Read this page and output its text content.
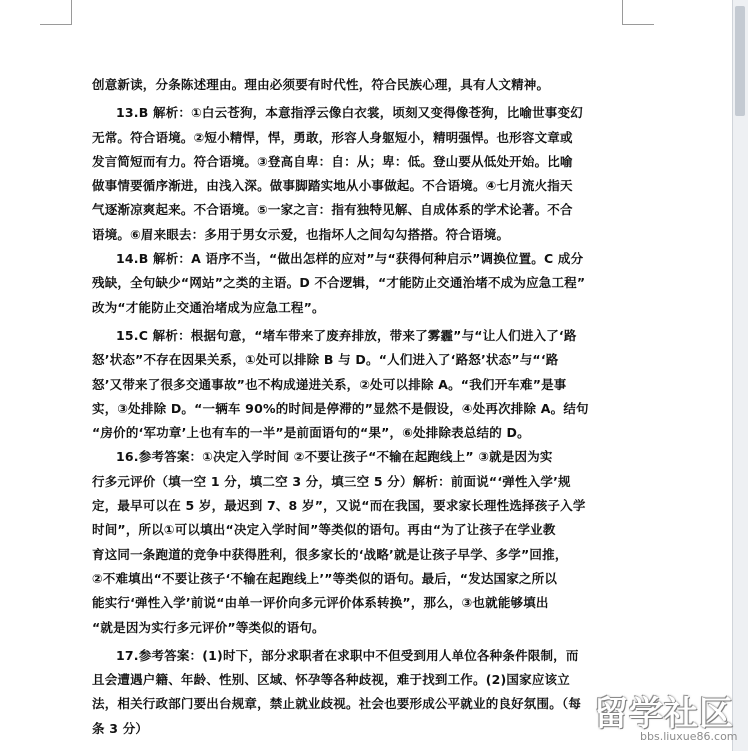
创意新读，分条陈述理由。理由必须要有时代性，符合民族心理，具有人文精神。
13.B 解析：①白云苍狗，本意指浮云像白衣裳，顷刻又变得像苍狗，比喻世事变幻
无常。符合语境。②短小精悍，悍，勇敢，形容人身躯短小，精明强悍。也形容文章或
发言简短而有力。符合语境。③登高自卑：自：从；卑：低。登山要从低处开始。比喻
做事情要循序渐进，由浅入深。做事脚踏实地从小事做起。不合语境。④七月流火指天
气逐渐凉爽起来。不合语境。⑤一家之言：指有独特见解、自成体系的学术论著。不合
语境。⑥眉来眼去：多用于男女示爱，也指坏人之间勾勾搭搭。符合语境。
14.B 解析：A 语序不当，“做出怎样的应对”与“获得何种启示”调换位置。C 成分
残缺，全句缺少“网站”之类的主语。D 不合逻辑，“才能防止交通治堵不成为应急工程”
改为“才能防止交通治堵成为应急工程”。
15.C 解析：根据句意，“堵车带来了废弃排放，带来了雾霾”与“让人们进入了‘路
怒’状态”不存在因果关系，①处可以排除 B 与 D。“人们进入了‘路怒’状态”与“‘路
怒’又带来了很多交通事故”也不构成递进关系，②处可以排除 A。“我们开车难”是事
实，③处排除 D。“一辆车 90%的时间是停滞的”显然不是假设，④处再次排除 A。结句
“房价的‘军功章’上也有车的一半”是前面语句的“果”，⑥处排除表总结的 D。
16.参考答案：①决定入学时间 ②不要让孩子“不输在起跑线上” ③就是因为实
行多元评价（填一空 1 分，填二空 3 分，填三空 5 分）解析：前面说“‘弹性入学’规
定，最早可以在 5 岁，最迟到 7、8 岁”，又说“而在我国，要求家长理性选择孩子入学
时间”，所以①可以填出“决定入学时间”等类似的语句。再由“为了让孩子在学业教
育这同一条跑道的竞争中获得胜利，很多家长的‘战略’就是让孩子早学、多学”回推，
②不难填出“不要让孩子‘不输在起跑线上’”等类似的语句。最后，“发达国家之所以
能实行‘弹性入学’前说“由单一评价向多元评价体系转换”，那么，③也就能够填出
“就是因为实行多元评价”等类似的语句。
17.参考答案：(1)时下，部分求职者在求职中不但受到用人单位各种条件限制，而
且会遭遇户籍、年龄、性别、区域、怀孕等各种歧视，难于找到工作。(2)国家应该立
法，相关行政部门要出台规章，禁止就业歧视。社会也要形成公平就业的良好氛围。（每
条 3 分）	留学社区
bbs.liuxue86.com
